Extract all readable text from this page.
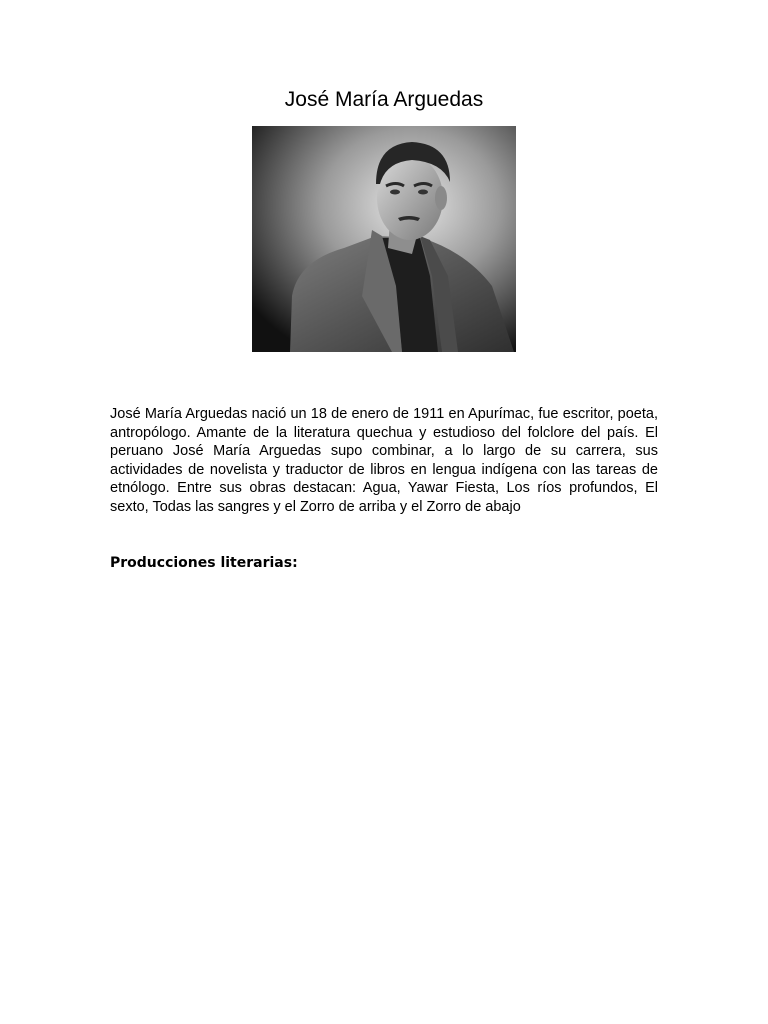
José María Arguedas

José María Arguedas nació un 18 de enero de 1911 en Apurímac, fue escritor, poeta, antropólogo. Amante de la literatura quechua y estudioso del folclore del país. El peruano José María Arguedas supo combinar, a lo largo de su carrera, sus actividades de novelista y traductor de libros en lengua indígena con las tareas de etnólogo. Entre sus obras destacan: Agua, Yawar Fiesta, Los ríos profundos, El sexto, Todas las sangres y el Zorro de arriba y el Zorro de abajo

Producciones literarias:
